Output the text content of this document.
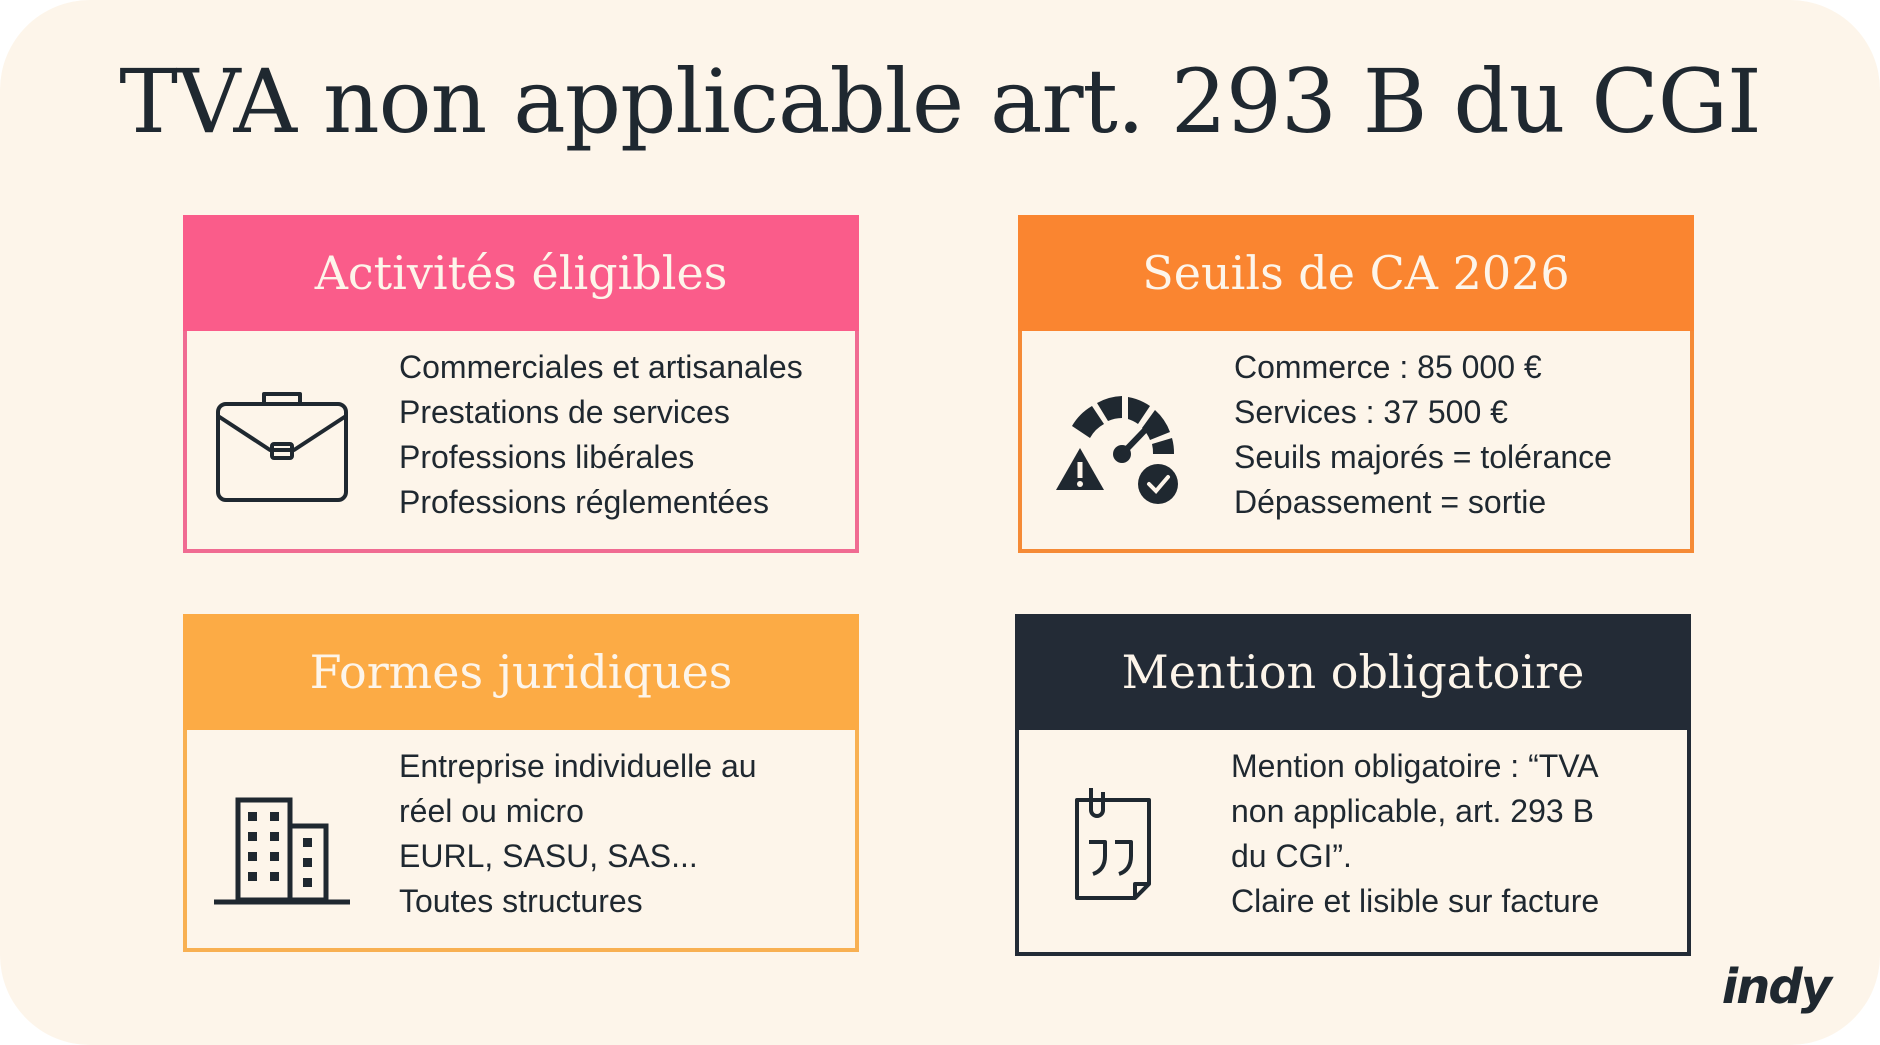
TVA non applicable art. 293 B du CGI
Activités éligibles
Commerciales et artisanales
Prestations de services
Professions libérales
Professions réglementées
Seuils de CA 2026
Commerce : 85 000 €
Services : 37 500 €
Seuils majorés = tolérance
Dépassement = sortie
Formes juridiques
Entreprise individuelle au
réel ou micro
EURL, SASU, SAS...
Toutes structures
Mention obligatoire
Mention obligatoire : “TVA
non applicable, art. 293 B
du CGI”.
Claire et lisible sur facture
indy
